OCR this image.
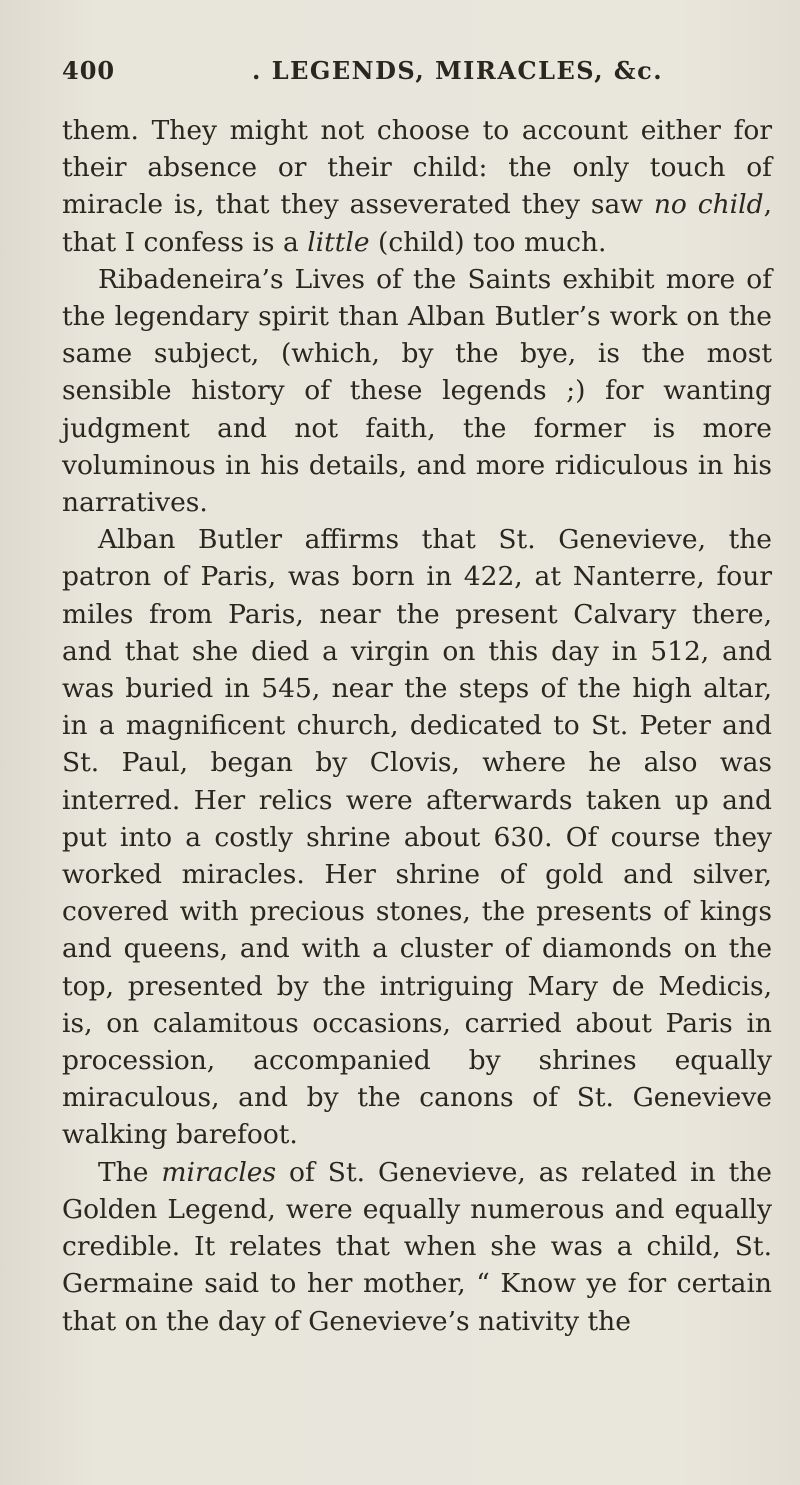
400	. LEGENDS, MIRACLES, &c.

them. They might not choose to account either for their absence or their child: the only touch of miracle is, that they asseverated they saw no child, that I confess is a little (child) too much.

Ribadeneira’s Lives of the Saints exhibit more of the legendary spirit than Alban Butler’s work on the same subject, (which, by the bye, is the most sensible history of these legends ;) for wanting judgment and not faith, the former is more voluminous in his details, and more ridiculous in his narratives.

Alban Butler affirms that St. Genevieve, the patron of Paris, was born in 422, at Nanterre, four miles from Paris, near the present Calvary there, and that she died a virgin on this day in 512, and was buried in 545, near the steps of the high altar, in a magnificent church, dedicated to St. Peter and St. Paul, began by Clovis, where he also was interred. Her relics were afterwards taken up and put into a costly shrine about 630. Of course they worked miracles. Her shrine of gold and silver, covered with precious stones, the presents of kings and queens, and with a cluster of diamonds on the top, presented by the intriguing Mary de Medicis, is, on calamitous occasions, carried about Paris in procession, accompanied by shrines equally miraculous, and by the canons of St. Genevieve walking barefoot.

The miracles of St. Genevieve, as related in the Golden Legend, were equally numerous and equally credible. It relates that when she was a child, St. Germaine said to her mother, “ Know ye for certain that on the day of Genevieve’s nativity the
